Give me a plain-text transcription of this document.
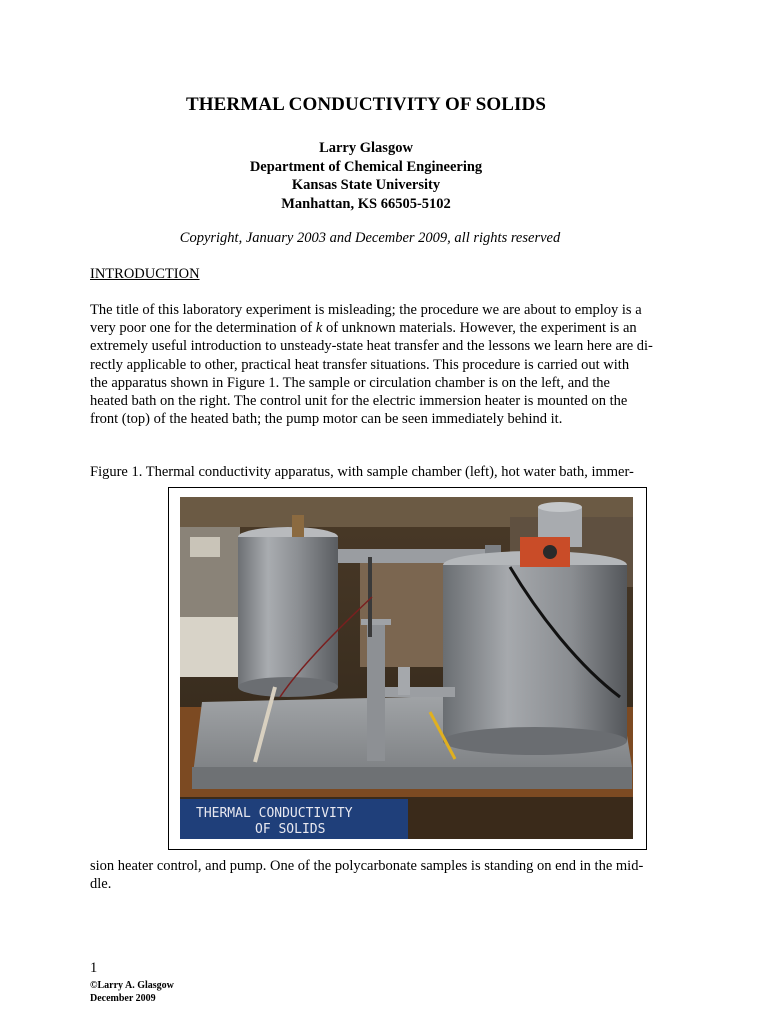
THERMAL CONDUCTIVITY OF SOLIDS
Larry Glasgow
Department of Chemical Engineering
Kansas State University
Manhattan, KS 66505-5102
Copyright, January 2003 and December 2009, all rights reserved
INTRODUCTION
The title of this laboratory experiment is misleading; the procedure we are about to employ is a
very poor one for the determination of k of unknown materials. However, the experiment is an
extremely useful introduction to unsteady-state heat transfer and the lessons we learn here are di-
rectly applicable to other, practical heat transfer situations. This procedure is carried out with
the apparatus shown in Figure 1. The sample or circulation chamber is on the left, and the
heated bath on the right. The control unit for the electric immersion heater is mounted on the
front (top) of the heated bath; the pump motor can be seen immediately behind it.
Figure 1. Thermal conductivity apparatus, with sample chamber (left), hot water bath, immer-
THERMAL CONDUCTIVITY
OF SOLIDS
sion heater control, and pump. One of the polycarbonate samples is standing on end in the mid-
dle.
1
©Larry A. Glasgow
December 2009
